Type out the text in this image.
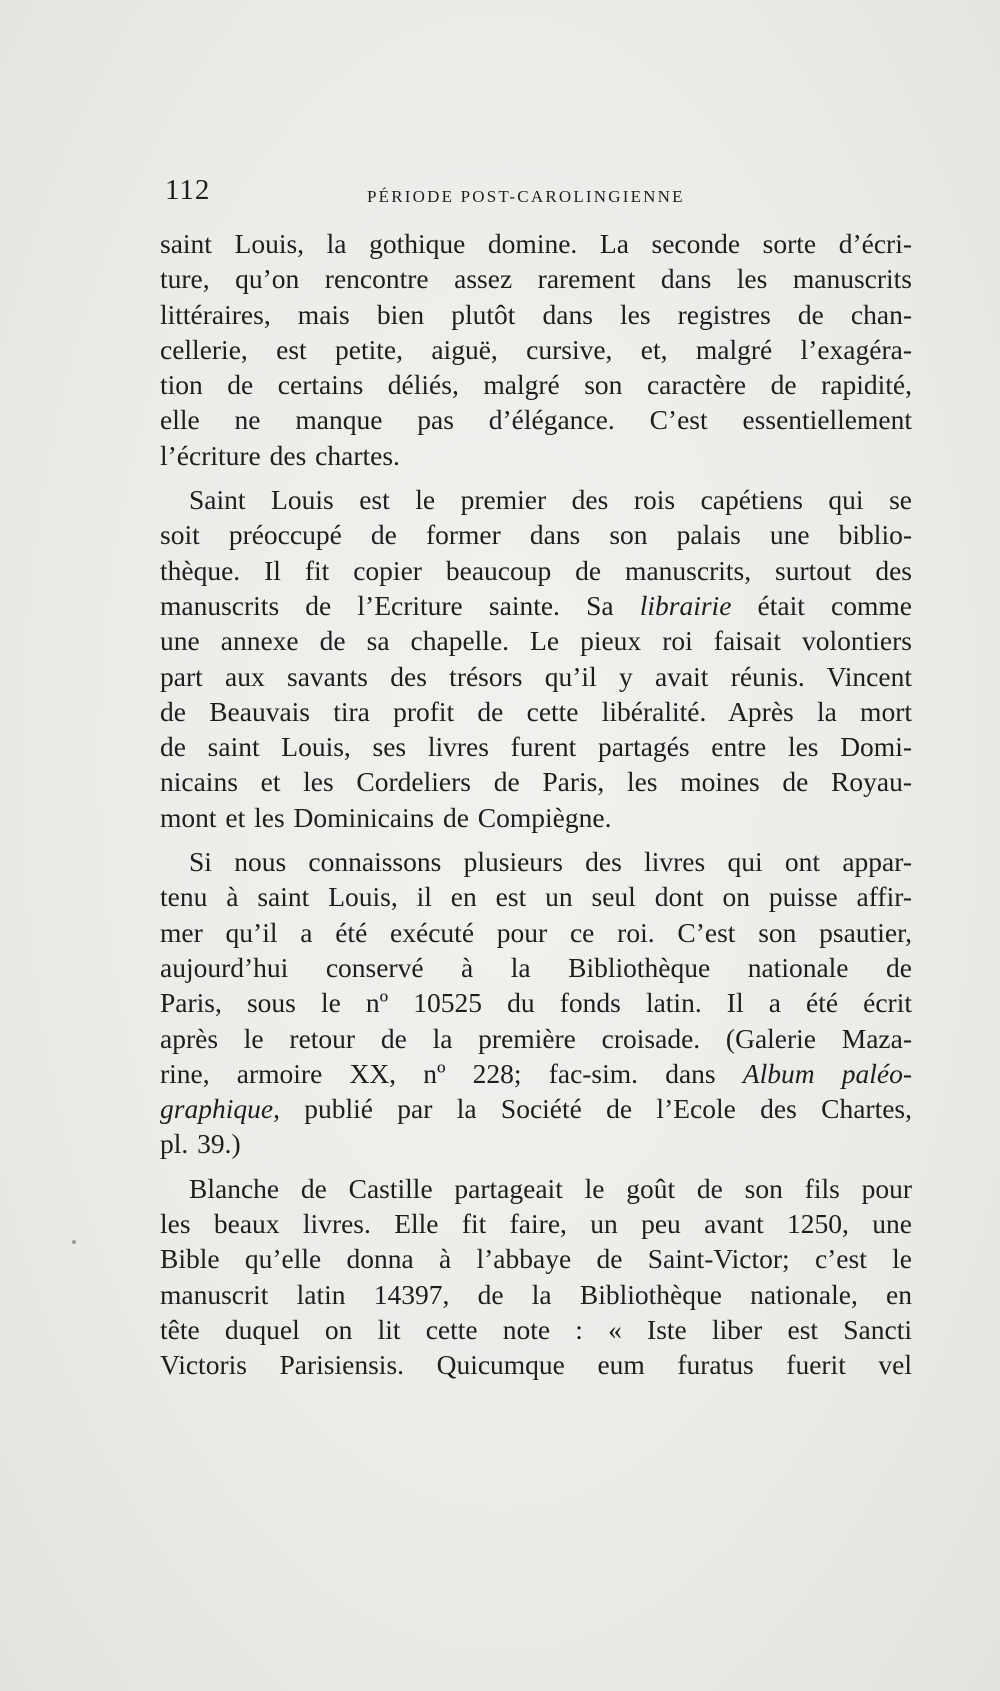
112	PÉRIODE POST-CAROLINGIENNE
saint Louis, la gothique domine. La seconde sorte d’écri-
ture, qu’on rencontre assez rarement dans les manuscrits
littéraires, mais bien plutôt dans les registres de chan-
cellerie, est petite, aiguë, cursive, et, malgré l’exagéra-
tion de certains déliés, malgré son caractère de rapidité,
elle ne manque pas d’élégance. C’est essentiellement
l’écriture des chartes.
Saint Louis est le premier des rois capétiens qui se
soit préoccupé de former dans son palais une biblio-
thèque. Il fit copier beaucoup de manuscrits, surtout des
manuscrits de l’Ecriture sainte. Sa librairie était comme
une annexe de sa chapelle. Le pieux roi faisait volontiers
part aux savants des trésors qu’il y avait réunis. Vincent
de Beauvais tira profit de cette libéralité. Après la mort
de saint Louis, ses livres furent partagés entre les Domi-
nicains et les Cordeliers de Paris, les moines de Royau-
mont et les Dominicains de Compiègne.
Si nous connaissons plusieurs des livres qui ont appar-
tenu à saint Louis, il en est un seul dont on puisse affir-
mer qu’il a été exécuté pour ce roi. C’est son psautier,
aujourd’hui conservé à la Bibliothèque nationale de
Paris, sous le nº 10525 du fonds latin. Il a été écrit
après le retour de la première croisade. (Galerie Maza-
rine, armoire XX, nº 228; fac-sim. dans Album paléo-
graphique, publié par la Société de l’Ecole des Chartes,
pl. 39.)
Blanche de Castille partageait le goût de son fils pour
les beaux livres. Elle fit faire, un peu avant 1250, une
Bible qu’elle donna à l’abbaye de Saint-Victor; c’est le
manuscrit latin 14397, de la Bibliothèque nationale, en
tête duquel on lit cette note : « Iste liber est Sancti
Victoris Parisiensis. Quicumque eum furatus fuerit vel
